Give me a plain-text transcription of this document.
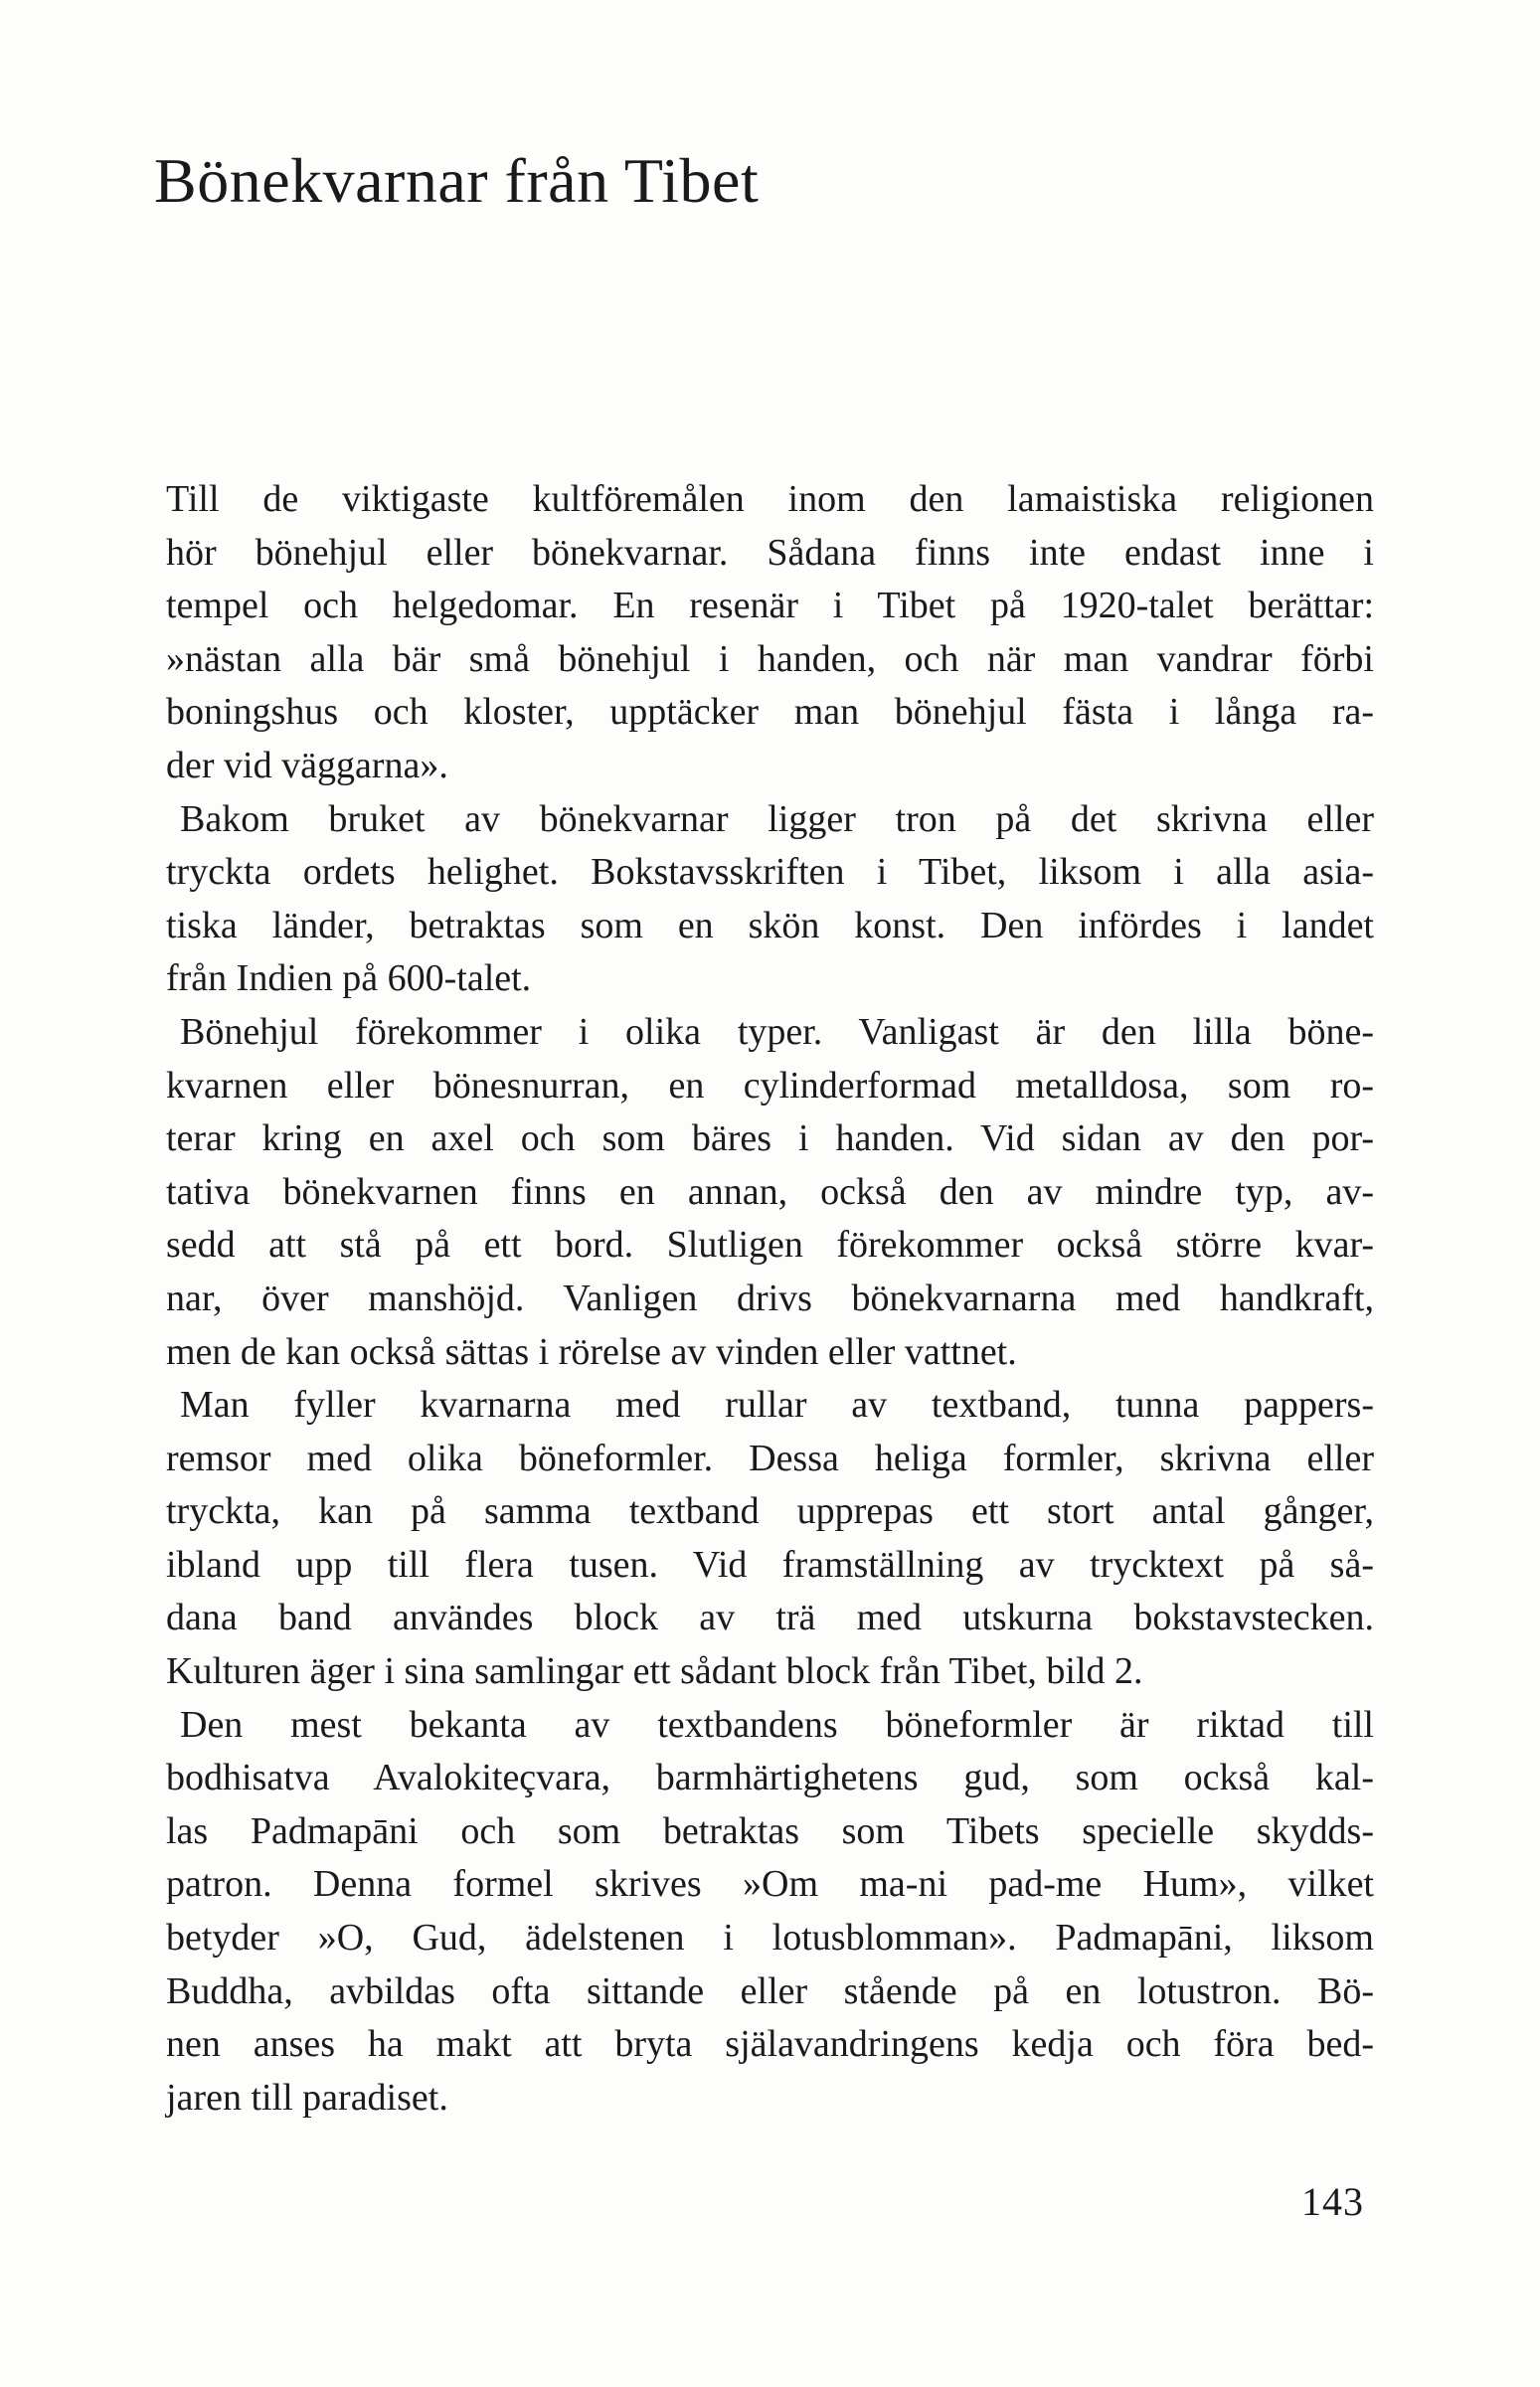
Bönekvarnar från Tibet
Till de viktigaste kultföremålen inom den lamaistiska religionen
hör bönehjul eller bönekvarnar. Sådana finns inte endast inne i
tempel och helgedomar. En resenär i Tibet på 1920-talet berättar:
»nästan alla bär små bönehjul i handen, och när man vandrar förbi
boningshus och kloster, upptäcker man bönehjul fästa i långa ra-
der vid väggarna».
Bakom bruket av bönekvarnar ligger tron på det skrivna eller
tryckta ordets helighet. Bokstavsskriften i Tibet, liksom i alla asia-
tiska länder, betraktas som en skön konst. Den infördes i landet
från Indien på 600-talet.
Bönehjul förekommer i olika typer. Vanligast är den lilla böne-
kvarnen eller bönesnurran, en cylinderformad metalldosa, som ro-
terar kring en axel och som bäres i handen. Vid sidan av den por-
tativa bönekvarnen finns en annan, också den av mindre typ, av-
sedd att stå på ett bord. Slutligen förekommer också större kvar-
nar, över manshöjd. Vanligen drivs bönekvarnarna med handkraft,
men de kan också sättas i rörelse av vinden eller vattnet.
Man fyller kvarnarna med rullar av textband, tunna pappers-
remsor med olika böneformler. Dessa heliga formler, skrivna eller
tryckta, kan på samma textband upprepas ett stort antal gånger,
ibland upp till flera tusen. Vid framställning av trycktext på så-
dana band användes block av trä med utskurna bokstavstecken.
Kulturen äger i sina samlingar ett sådant block från Tibet, bild 2.
Den mest bekanta av textbandens böneformler är riktad till
bodhisatva Avalokiteçvara, barmhärtighetens gud, som också kal-
las Padmapāni och som betraktas som Tibets specielle skydds-
patron. Denna formel skrives »Om ma-ni pad-me Hum», vilket
betyder »O, Gud, ädelstenen i lotusblomman». Padmapāni, liksom
Buddha, avbildas ofta sittande eller stående på en lotustron. Bö-
nen anses ha makt att bryta själavandringens kedja och föra bed-
jaren till paradiset.
143
